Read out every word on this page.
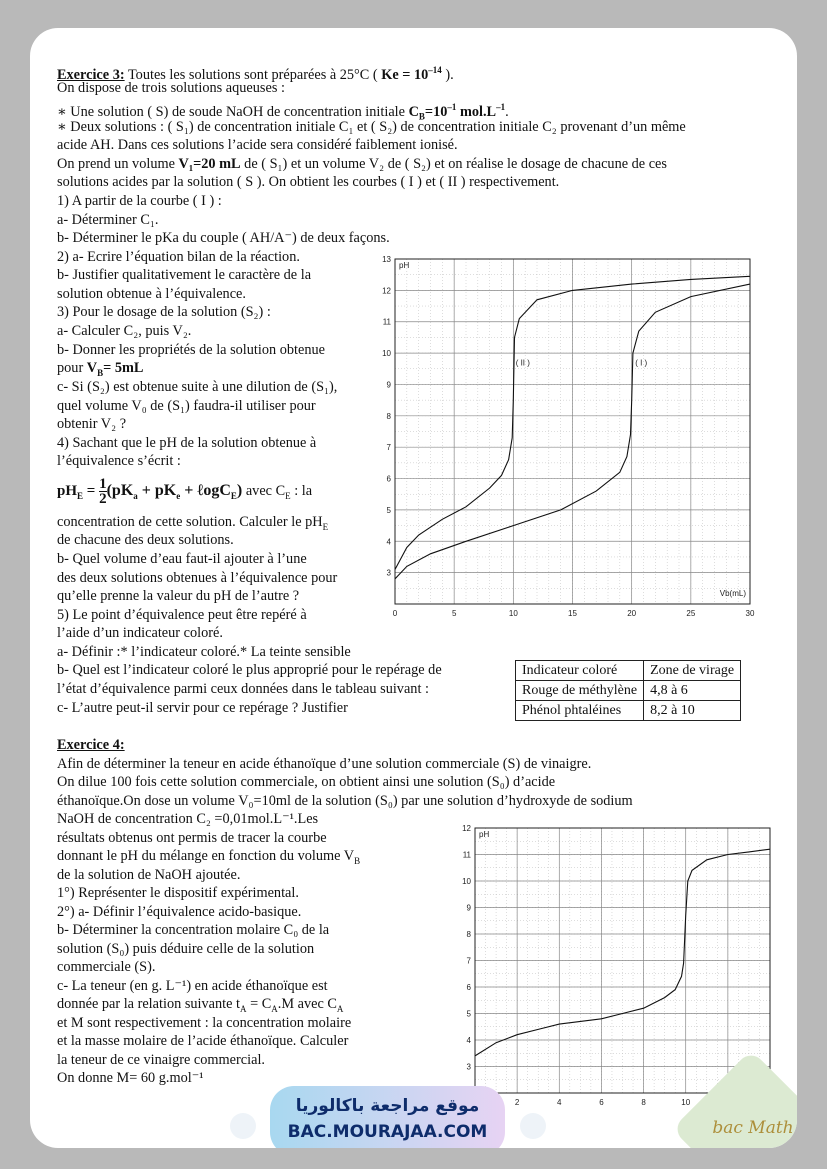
Exercice 3: Toutes les solutions sont préparées à 25°C ( $Ke = 10^{-14}$ ).
On dispose de trois solutions aqueuses :
∗ Une solution ( S) de soude NaOH de concentration initiale $C_B=10^{-1}$ $mol.L^{-1}$.
∗ Deux solutions : ( S₁) de concentration initiale C₁ et ( S₂) de concentration initiale C₂ provenant d’un même
acide AH. Dans ces solutions l’acide sera considéré faiblement ionisé.
On prend un volume V₁=20 mL de ( S₁) et un volume V₂ de ( S₂) et on réalise le dosage de chacune de ces
solutions acides par la solution ( S ). On obtient les courbes ( I ) et ( II ) respectivement.
1) A partir de la courbe ( I ) :
a- Déterminer C₁.
b- Déterminer le pKa du couple ( AH/A⁻) de deux façons.
2) a- Ecrire l’équation bilan de la réaction.
b- Justifier qualitativement le caractère de la
solution obtenue à l’équivalence.
3) Pour le dosage de la solution (S₂) :
a- Calculer C₂, puis V₂.
b- Donner les propriétés de la solution obtenue
pour $V_B= 5mL$
c- Si (S₂) est obtenue suite à une dilution de (S₁),
quel volume V₀ de (S₁) faudra-il utiliser pour
obtenir V₂ ?
4) Sachant que le pH de la solution obtenue à
l’équivalence s’écrit :
$pH_E = \frac{1}{2} (pK_a + pK_e$ + ℓogC$_E$) avec $C_E$ : la
concentration de cette solution. Calculer le $pH_E$
de chacune des deux solutions.
b- Quel volume d’eau faut-il ajouter à l’une
des deux solutions obtenues à l’équivalence pour
qu’elle prenne la valeur du pH de l’autre ?
5) Le point d’équivalence peut être repéré à
l’aide d’un indicateur coloré.
a- Définir :* l’indicateur coloré.* La teinte sensible
b- Quel est l’indicateur coloré le plus approprié pour le repérage de
l’état d’équivalence parmi ceux données dans le tableau suivant :
c- L’autre peut-il servir pour ce repérage ? Justifier
Indicateur coloré	Zone de virage
Rouge de méthylène	4,8 à 6
Phénol phtaléines	8,2 à 10
0	5	10	15	20	25	30
3
4
5
6
7
8
9
10
11
12
13
pH
Vb(mL)
( II )	( I )
Exercice 4:
Afin de déterminer la teneur en acide éthanoïque d’une solution commerciale (S) de vinaigre.
On dilue 100 fois cette solution commerciale, on obtient ainsi une solution (S₀) d’acide
éthanoïque.On dose un volume V₀=10ml de la solution (S₀) par une solution d’hydroxyde de sodium
NaOH de concentration C₂ =0,01mol.L⁻¹.Les
résultats obtenus ont permis de tracer la courbe
donnant le pH du mélange en fonction du volume $V_B$
de la solution de NaOH ajoutée.
1°) Représenter le dispositif expérimental.
2°) a- Définir l’équivalence acido-basique.
b- Déterminer la concentration molaire C₀ de la
solution (S₀) puis déduire celle de la solution
commerciale (S).
c- La teneur (en g. L⁻¹) en acide éthanoïque est
donnée par la relation suivante $t_A = C_A.M$ avec $C_A$
et M sont respectivement : la concentration molaire
et la masse molaire de l’acide éthanoïque. Calculer
la teneur de ce vinaigre commercial.
On donne M= 60 g.mol⁻¹
2	4	6	8	10
3
4
5
6
7
8
9
10
11
12
pH
موقع مراجعة باكالوريا
BAC.MOURAJAA.COM	bac Math
